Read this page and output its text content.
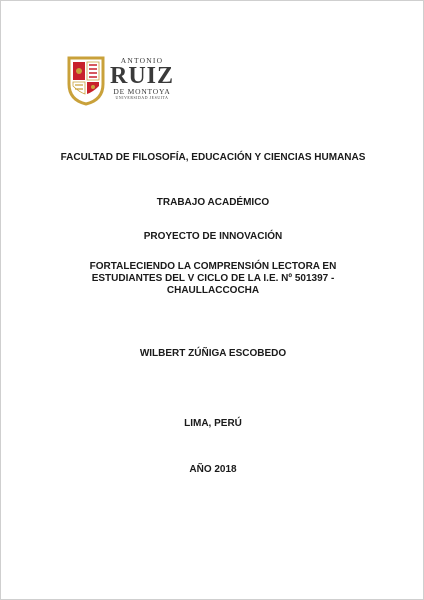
ANTONIO
RUIZ
DE MONTOYA
UNIVERSIDAD JESUITA
FACULTAD DE FILOSOFÍA, EDUCACIÓN Y CIENCIAS HUMANAS
TRABAJO ACADÉMICO
PROYECTO DE INNOVACIÓN
FORTALECIENDO LA COMPRENSIÓN LECTORA EN
ESTUDIANTES DEL V CICLO DE LA I.E. Nº 501397 -
CHAULLACCOCHA
WILBERT ZÚÑIGA ESCOBEDO
LIMA, PERÚ
AÑO 2018
